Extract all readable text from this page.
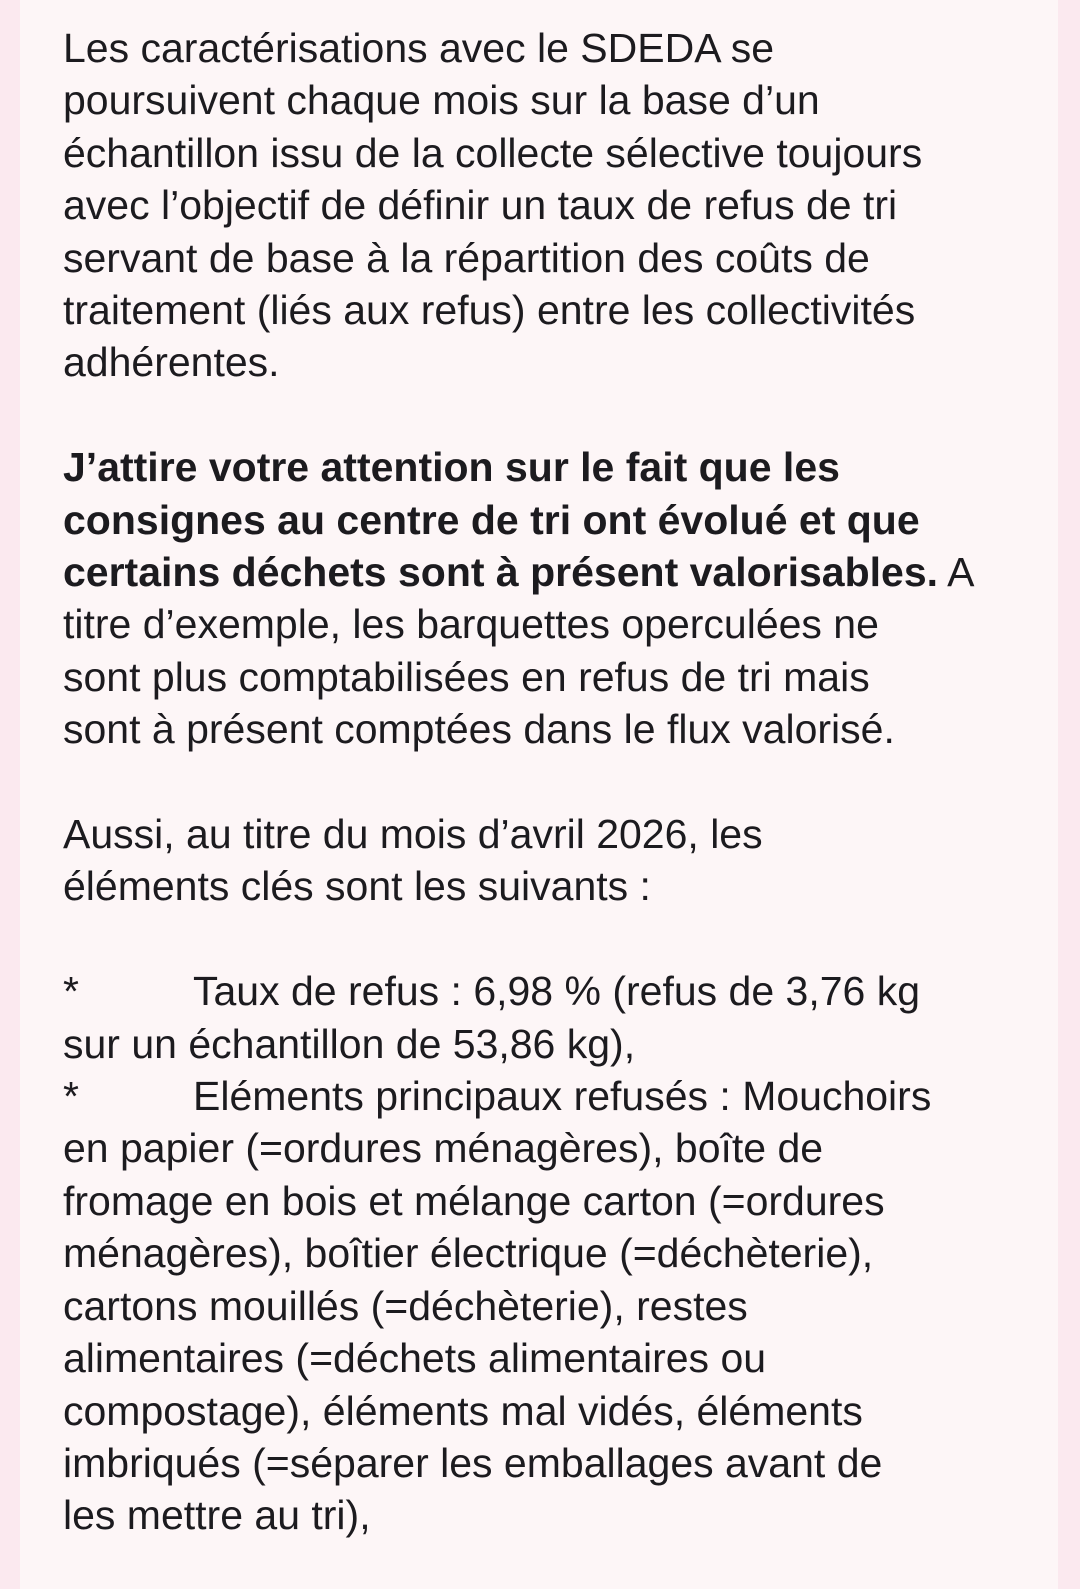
Les caractérisations avec le SDEDA se
poursuivent chaque mois sur la base d’un
échantillon issu de la collecte sélective toujours
avec l’objectif de définir un taux de refus de tri
servant de base à la répartition des coûts de
traitement (liés aux refus) entre les collectivités
adhérentes.

J’attire votre attention sur le fait que les
consignes au centre de tri ont évolué et que
certains déchets sont à présent valorisables. A
titre d’exemple, les barquettes operculées ne
sont plus comptabilisées en refus de tri mais
sont à présent comptées dans le flux valorisé.

Aussi, au titre du mois d’avril 2026, les
éléments clés sont les suivants :

*	Taux de refus : 6,98 % (refus de 3,76 kg
sur un échantillon de 53,86 kg),
*	Eléments principaux refusés : Mouchoirs
en papier (=ordures ménagères), boîte de
fromage en bois et mélange carton (=ordures
ménagères), boîtier électrique (=déchèterie),
cartons mouillés (=déchèterie), restes
alimentaires (=déchets alimentaires ou
compostage), éléments mal vidés, éléments
imbriqués (=séparer les emballages avant de
les mettre au tri),
